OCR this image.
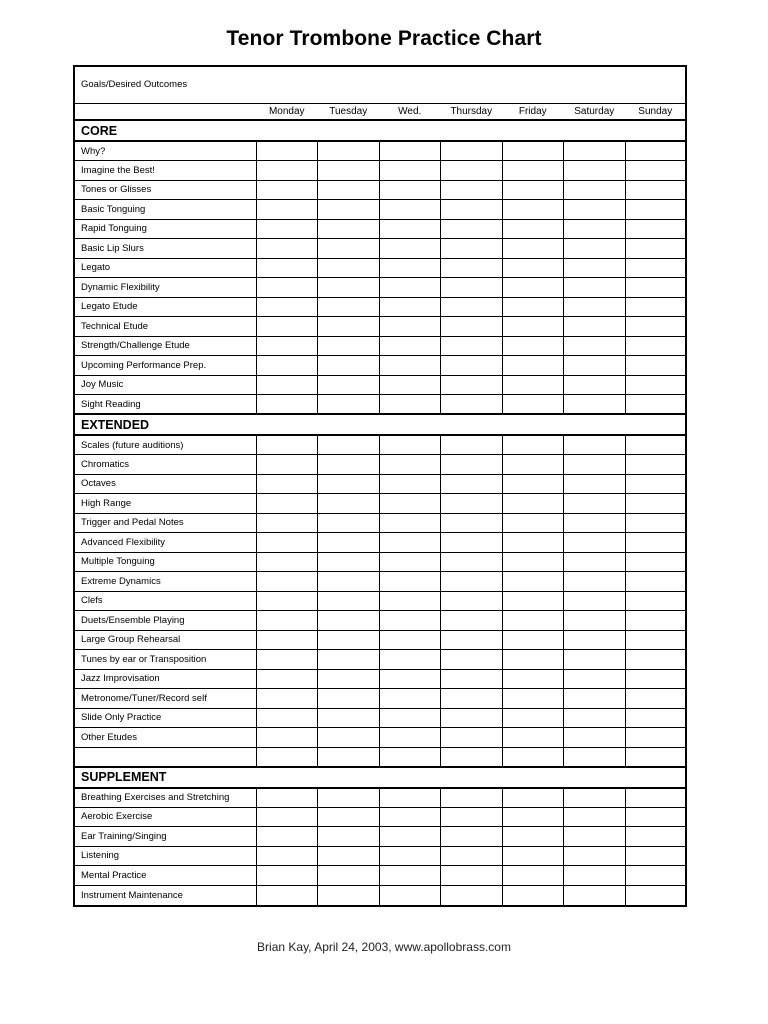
Tenor Trombone Practice Chart
Goals/Desired Outcomes							
	Monday	Tuesday	Wed.	Thursday	Friday	Saturday	Sunday
CORE							
Why?							
Imagine the Best!							
Tones or Glisses							
Basic Tonguing							
Rapid Tonguing							
Basic Lip Slurs							
Legato							
Dynamic Flexibility							
Legato Etude							
Technical Etude							
Strength/Challenge Etude							
Upcoming Performance Prep.							
Joy Music							
Sight Reading							
EXTENDED							
Scales (future auditions)							
Chromatics							
Octaves							
High Range							
Trigger and Pedal Notes							
Advanced Flexibility							
Multiple Tonguing							
Extreme Dynamics							
Clefs							
Duets/Ensemble Playing							
Large Group Rehearsal							
Tunes by ear or Transposition							
Jazz Improvisation							
Metronome/Tuner/Record self							
Slide Only Practice							
Other Etudes							

SUPPLEMENT							
Breathing Exercises and Stretching							
Aerobic Exercise							
Ear Training/Singing							
Listening							
Mental Practice							
Instrument Maintenance							
Brian Kay, April 24, 2003, www.apollobrass.com
